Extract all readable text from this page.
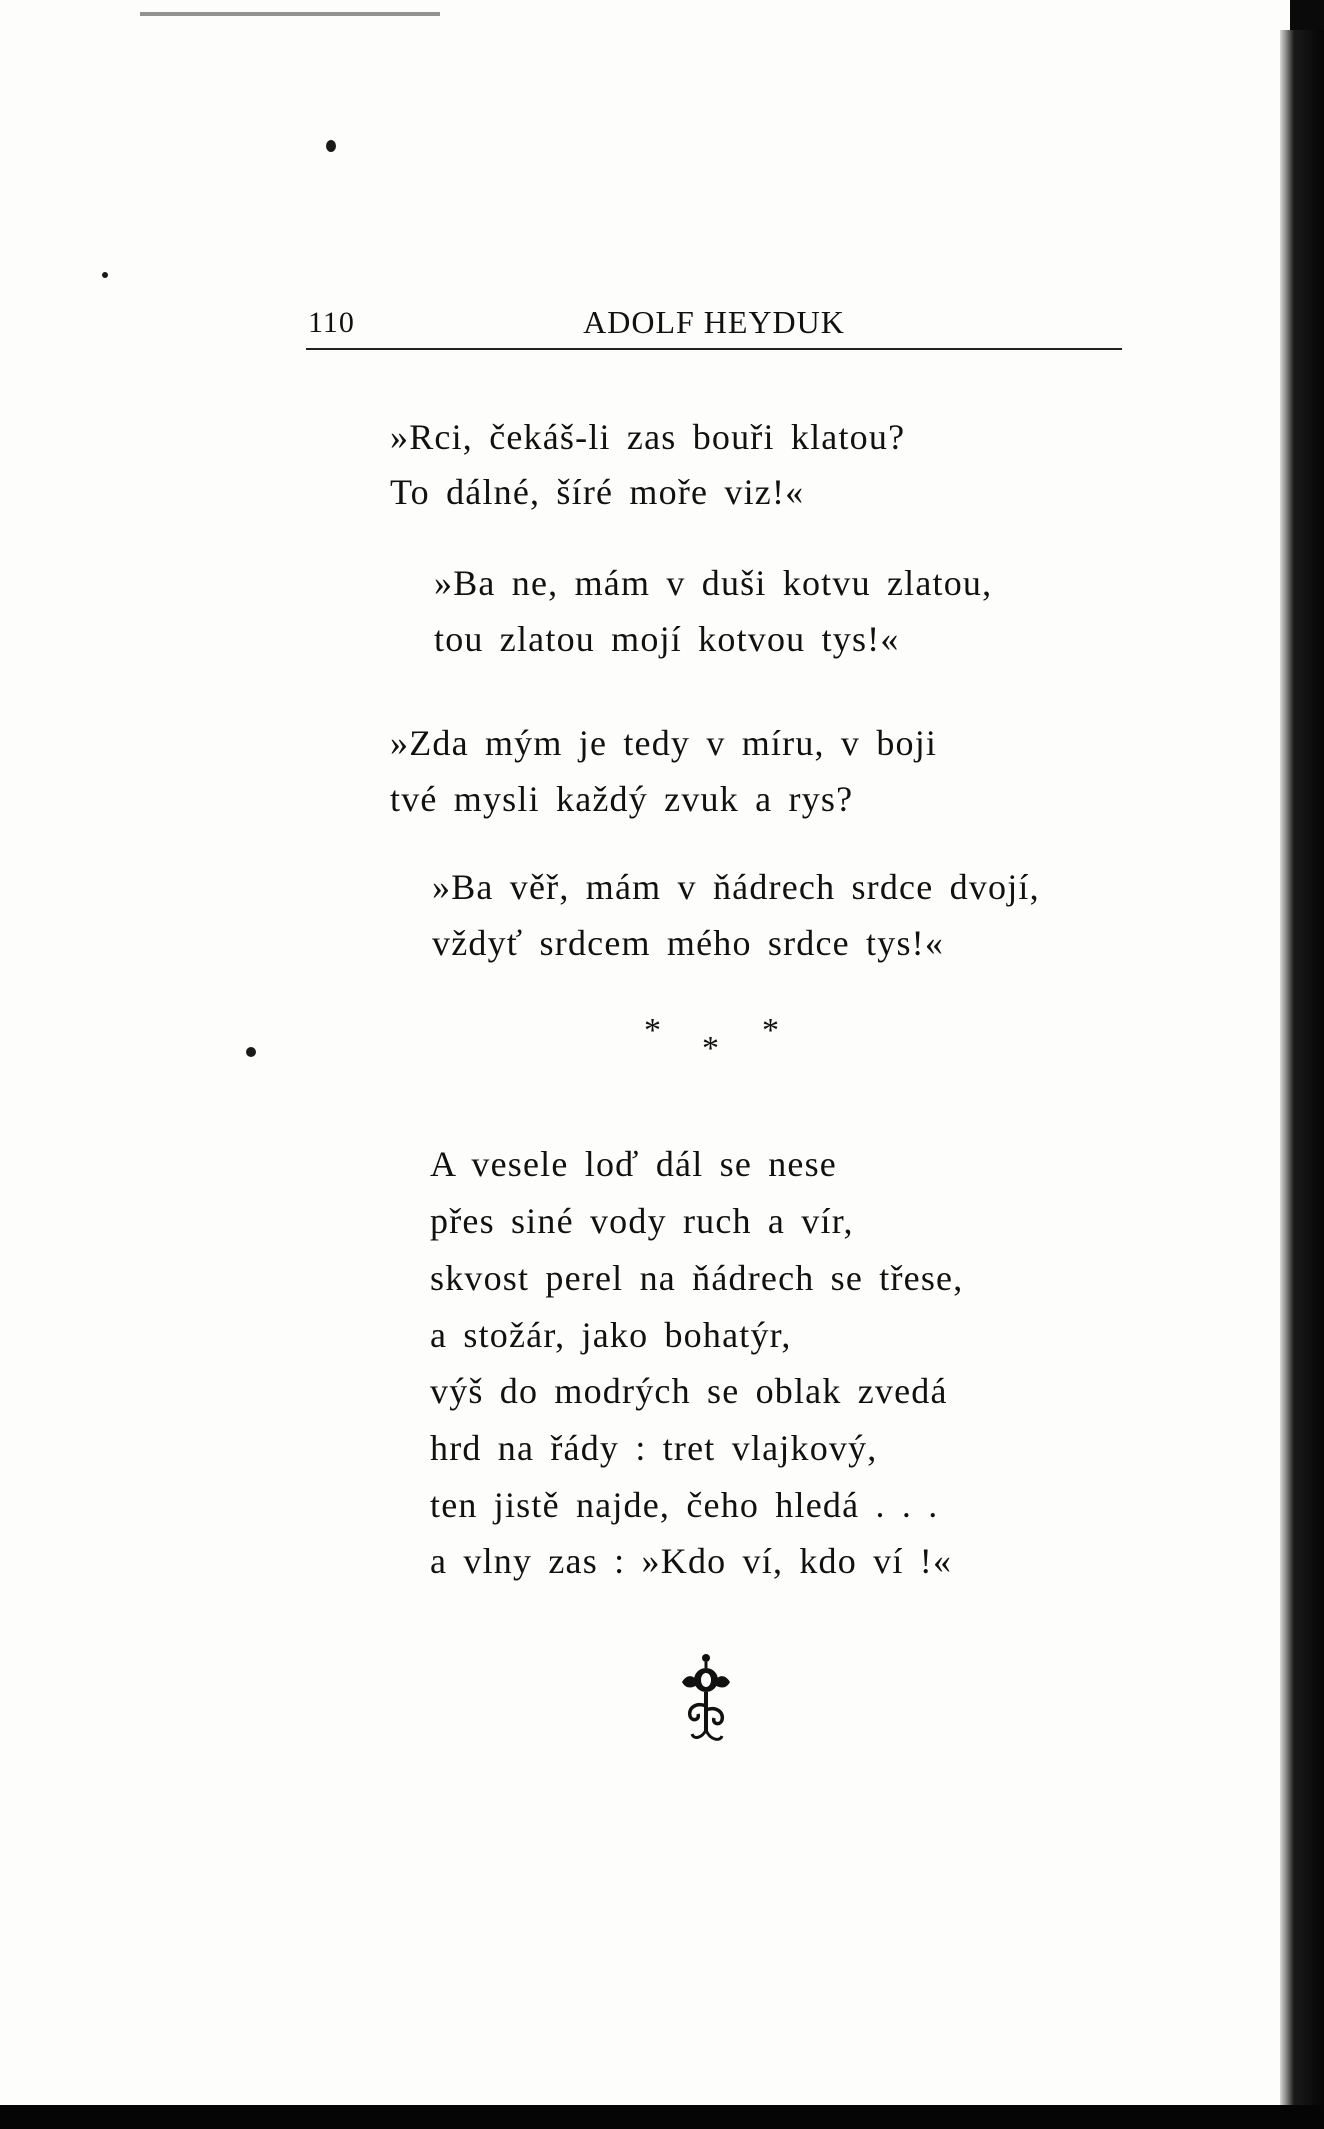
110	ADOLF HEYDUK
»Rci, čekáš-li zas bouři klatou?
To dálné, šíré moře viz!«
»Ba ne, mám v duši kotvu zlatou,
tou zlatou mojí kotvou tys!«
»Zda mým je tedy v míru, v boji
tvé mysli každý zvuk a rys?
»Ba věř, mám v ňádrech srdce dvojí,
vždyť srdcem mého srdce tys!«
* * *
A vesele loď dál se nese
přes siné vody ruch a vír,
skvost perel na ňádrech se třese,
a stožár, jako bohatýr,
výš do modrých se oblak zvedá
hrd na řády : tret vlajkový,
ten jistě najde, čeho hledá . . .
a vlny zas : »Kdo ví, kdo ví !«
